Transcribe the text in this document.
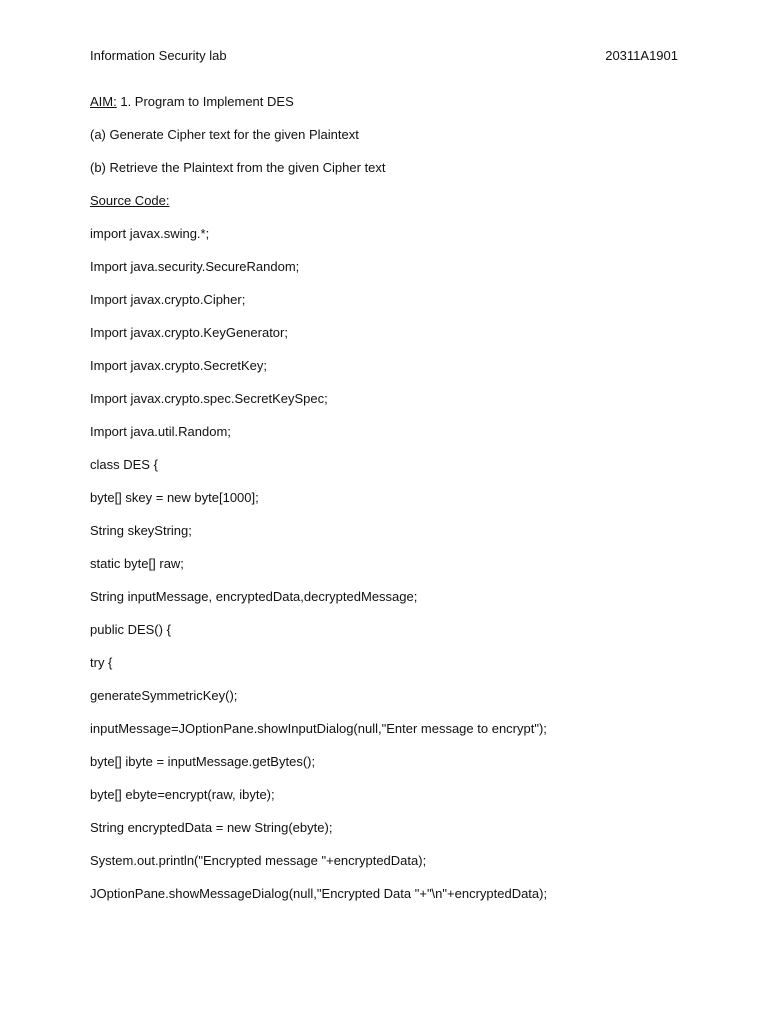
Information Security lab	20311A1901
AIM: 1. Program to Implement DES
(a) Generate Cipher text for the given Plaintext
(b) Retrieve the Plaintext from the given Cipher text
Source Code:
import javax.swing.*;
Import java.security.SecureRandom;
Import javax.crypto.Cipher;
Import javax.crypto.KeyGenerator;
Import javax.crypto.SecretKey;
Import javax.crypto.spec.SecretKeySpec;
Import java.util.Random;
class DES {
byte[] skey = new byte[1000];
String skeyString;
static byte[] raw;
String inputMessage, encryptedData,decryptedMessage;
public DES() {
try {
generateSymmetricKey();
inputMessage=JOptionPane.showInputDialog(null,"Enter message to encrypt");
byte[] ibyte = inputMessage.getBytes();
byte[] ebyte=encrypt(raw, ibyte);
String encryptedData = new String(ebyte);
System.out.println("Encrypted message "+encryptedData);
JOptionPane.showMessageDialog(null,"Encrypted Data "+"\n"+encryptedData);
